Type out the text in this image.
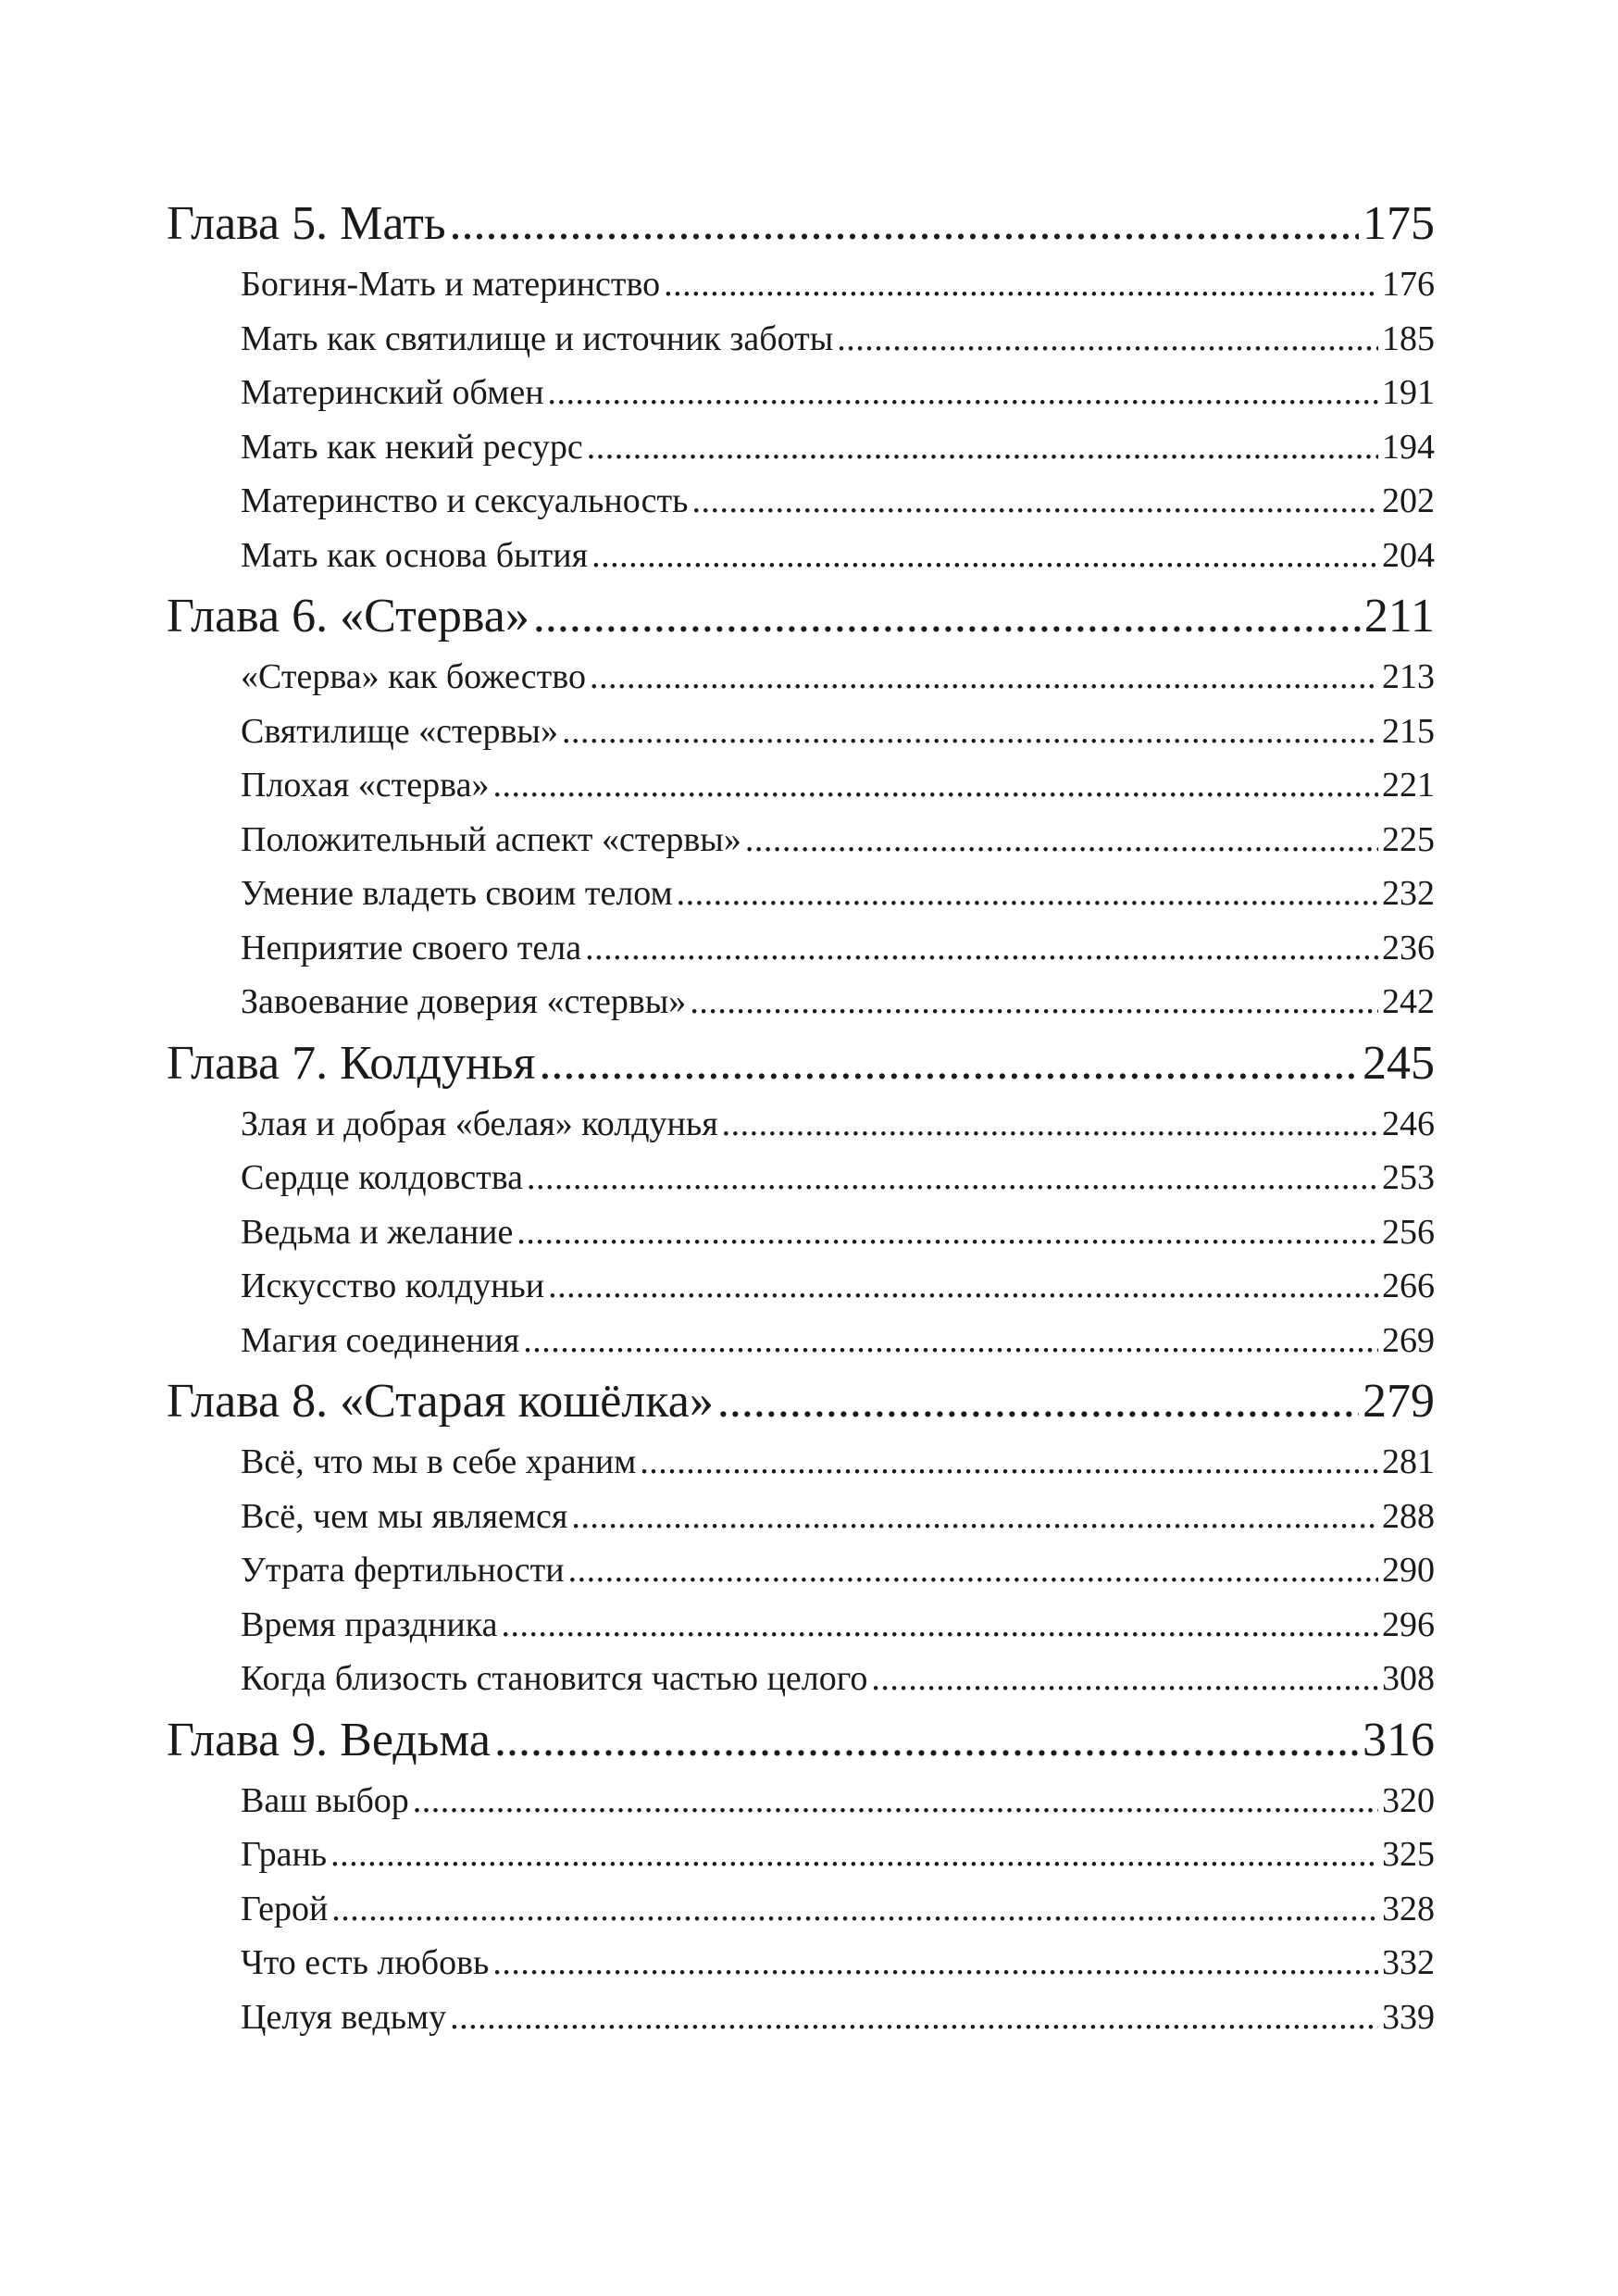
Глава 5. Мать .....	175
Богиня-Мать и материнство .....	176
Мать как святилище и источник заботы .....	185
Материнский обмен .....	191
Мать как некий ресурс .....	194
Материнство и сексуальность .....	202
Мать как основа бытия .....	204
Глава 6. «Стерва» .....	211
«Стерва» как божество .....	213
Святилище «стервы» .....	215
Плохая «стерва» .....	221
Положительный аспект «стервы» .....	225
Умение владеть своим телом .....	232
Неприятие своего тела .....	236
Завоевание доверия «стервы» .....	242
Глава 7. Колдунья .....	245
Злая и добрая «белая» колдунья .....	246
Сердце колдовства .....	253
Ведьма и желание .....	256
Искусство колдуньи .....	266
Магия соединения .....	269
Глава 8. «Старая кошёлка» .....	279
Всё, что мы в себе храним .....	281
Всё, чем мы являемся .....	288
Утрата фертильности .....	290
Время праздника .....	296
Когда близость становится частью целого .....	308
Глава 9. Ведьма .....	316
Ваш выбор .....	320
Грань .....	325
Герой .....	328
Что есть любовь .....	332
Целуя ведьму .....	339
